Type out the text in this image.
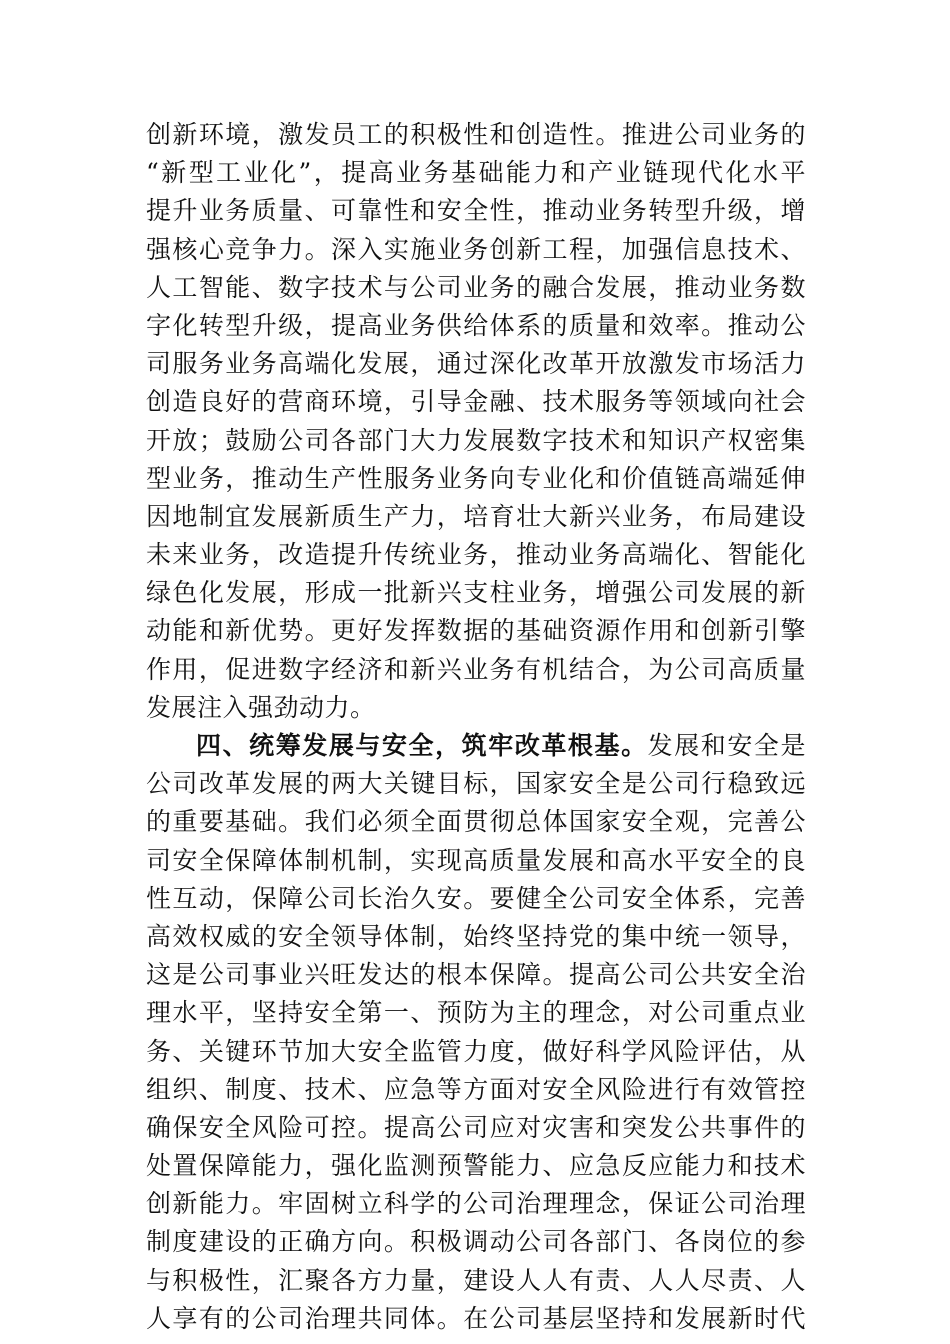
创新环境，激发员工的积极性和创造性。推进公司业务的
“新型工业化”，提高业务基础能力和产业链现代化水平
提升业务质量、可靠性和安全性，推动业务转型升级，增
强核心竞争力。深入实施业务创新工程，加强信息技术、
人工智能、数字技术与公司业务的融合发展，推动业务数
字化转型升级，提高业务供给体系的质量和效率。推动公
司服务业务高端化发展，通过深化改革开放激发市场活力
创造良好的营商环境，引导金融、技术服务等领域向社会
开放；鼓励公司各部门大力发展数字技术和知识产权密集
型业务，推动生产性服务业务向专业化和价值链高端延伸
因地制宜发展新质生产力，培育壮大新兴业务，布局建设
未来业务，改造提升传统业务，推动业务高端化、智能化
绿色化发展，形成一批新兴支柱业务，增强公司发展的新
动能和新优势。更好发挥数据的基础资源作用和创新引擎
作用，促进数字经济和新兴业务有机结合，为公司高质量
发展注入强劲动力。
四、统筹发展与安全，筑牢改革根基。发展和安全是
公司改革发展的两大关键目标，国家安全是公司行稳致远
的重要基础。我们必须全面贯彻总体国家安全观，完善公
司安全保障体制机制，实现高质量发展和高水平安全的良
性互动，保障公司长治久安。要健全公司安全体系，完善
高效权威的安全领导体制，始终坚持党的集中统一领导，
这是公司事业兴旺发达的根本保障。提高公司公共安全治
理水平，坚持安全第一、预防为主的理念，对公司重点业
务、关键环节加大安全监管力度，做好科学风险评估，从
组织、制度、技术、应急等方面对安全风险进行有效管控
确保安全风险可控。提高公司应对灾害和突发公共事件的
处置保障能力，强化监测预警能力、应急反应能力和技术
创新能力。牢固树立科学的公司治理理念，保证公司治理
制度建设的正确方向。积极调动公司各部门、各岗位的参
与积极性，汇聚各方力量，建设人人有责、人人尽责、人
人享有的公司治理共同体。在公司基层坚持和发展新时代
